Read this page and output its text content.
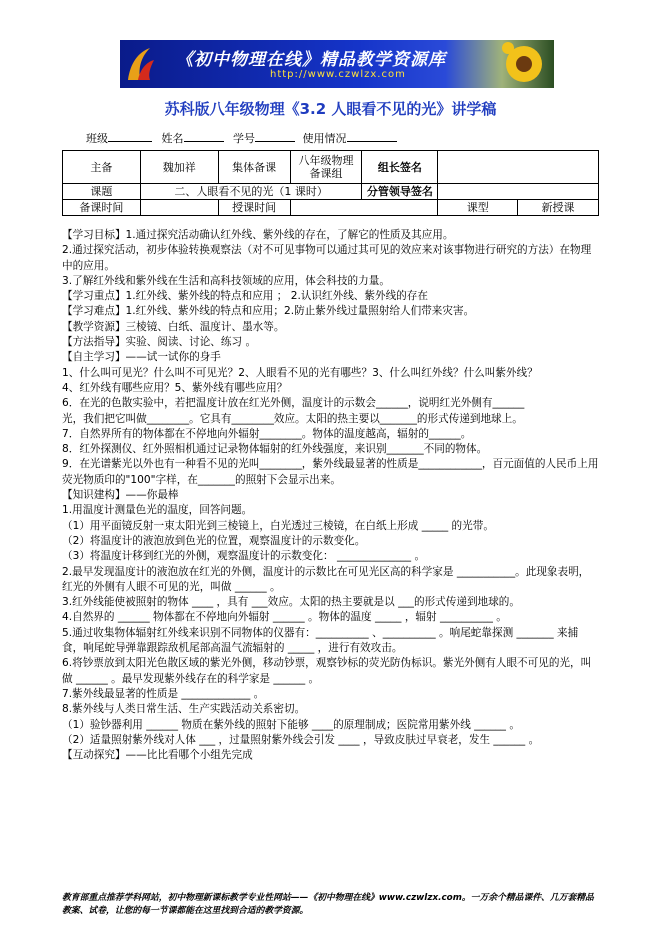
《初中物理在线》精品教学资源库
http://www.czwlzx.com
苏科版八年级物理《3.2 人眼看不见的光》讲学稿
班级	姓名	学号	使用情况
主备	魏加祥	集体备课	八年级物理备课组	组长签名		
课题	二、人眼看不见的光（1 课时）			分管领导签名		
备课时间		授课时间			课型	新授课

【学习目标】1.通过探究活动确认红外线、紫外线的存在，了解它的性质及其应用。

2.通过探究活动，初步体验转换观察法（对不可见事物可以通过其可见的效应来对该事物进行研究的方法）在物理中的应用。

3.了解红外线和紫外线在生活和高科技领域的应用，体会科技的力量。

【学习重点】1.红外线、紫外线的特点和应用 ； 2.认识红外线、紫外线的存在

【学习难点】1.红外线、紫外线的特点和应用；2.防止紫外线过量照射给人们带来灾害。

【教学资源】三棱镜、白纸、温度计、墨水等。

【方法指导】实验、阅读、讨论、练习 。

【自主学习】——试一试你的身手

1、什么叫可见光？什么叫不可见光？2、人眼看不见的光有哪些？3、什么叫红外线？什么叫紫外线？

4、红外线有哪些应用？5、紫外线有哪些应用？

6．在光的色散实验中，若把温度计放在红光外侧，温度计的示数会______，说明红光外侧有______

光，我们把它叫做________。它具有________效应。太阳的热主要以_______的形式传递到地球上。

7．自然界所有的物体都在不停地向外辐射________。物体的温度越高，辐射的______。

8．红外探测仪、红外照相机通过记录物体辐射的红外线强度，来识别_______不同的物体。

9．在光谱紫光以外也有一种看不见的光叫________，紫外线最显著的性质是____________，百元面值的人民币上用荧光物质印的"100"字样，在_______的照射下会显示出来。

【知识建构】——你最棒

1.用温度计测量色光的温度，回答问题。

（1）用平面镜反射一束太阳光到三棱镜上，白光透过三棱镜，在白纸上形成 _____ 的光带。

（2）将温度计的液泡放到色光的位置，观察温度计的示数变化。

（3）将温度计移到红光的外侧，观察温度计的示数变化： ______________ 。

2.最早发现温度计的液泡放在红光的外侧，温度计的示数比在可见光区高的科学家是 ___________。此现象表明，红光的外侧有人眼不可见的光，叫做 ______ 。

3.红外线能使被照射的物体 ____ ，具有 ___效应。太阳的热主要就是以 ___的形式传递到地球的。

4.自然界的 ______ 物体都在不停地向外辐射 ______ 。物体的温度 _____ ，辐射 __________ 。

5.通过收集物体辐射红外线来识别不同物体的仪器有：__________ 、__________ 。响尾蛇靠探测 _______ 来捕食，响尾蛇导弹靠跟踪敌机尾部高温气流辐射的 _____ ，进行有效攻击。

6.将钞票放到太阳光色散区域的紫光外侧，移动钞票，观察钞标的荧光防伪标识。紫光外侧有人眼不可见的光，叫做 ______ 。最早发现紫外线存在的科学家是 ______ 。

7.紫外线最显著的性质是 _____________ 。

8.紫外线与人类日常生活、生产实践活动关系密切。

（1）验钞器利用 ______ 物质在紫外线的照射下能够 ____的原理制成；医院常用紫外线 ______ 。

（2）适量照射紫外线对人体 ___ ，过量照射紫外线会引发 ____ ，导致皮肤过早衰老，发生 ______ 。

【互动探究】——比比看哪个小组先完成

教育部重点推荐学科网站，初中物理新课标教学专业性网站——《初中物理在线》www.czwlzx.com。一万余个精品课件、几万套精品教案、试卷，让您的每一节课都能在这里找到合适的教学资源。
